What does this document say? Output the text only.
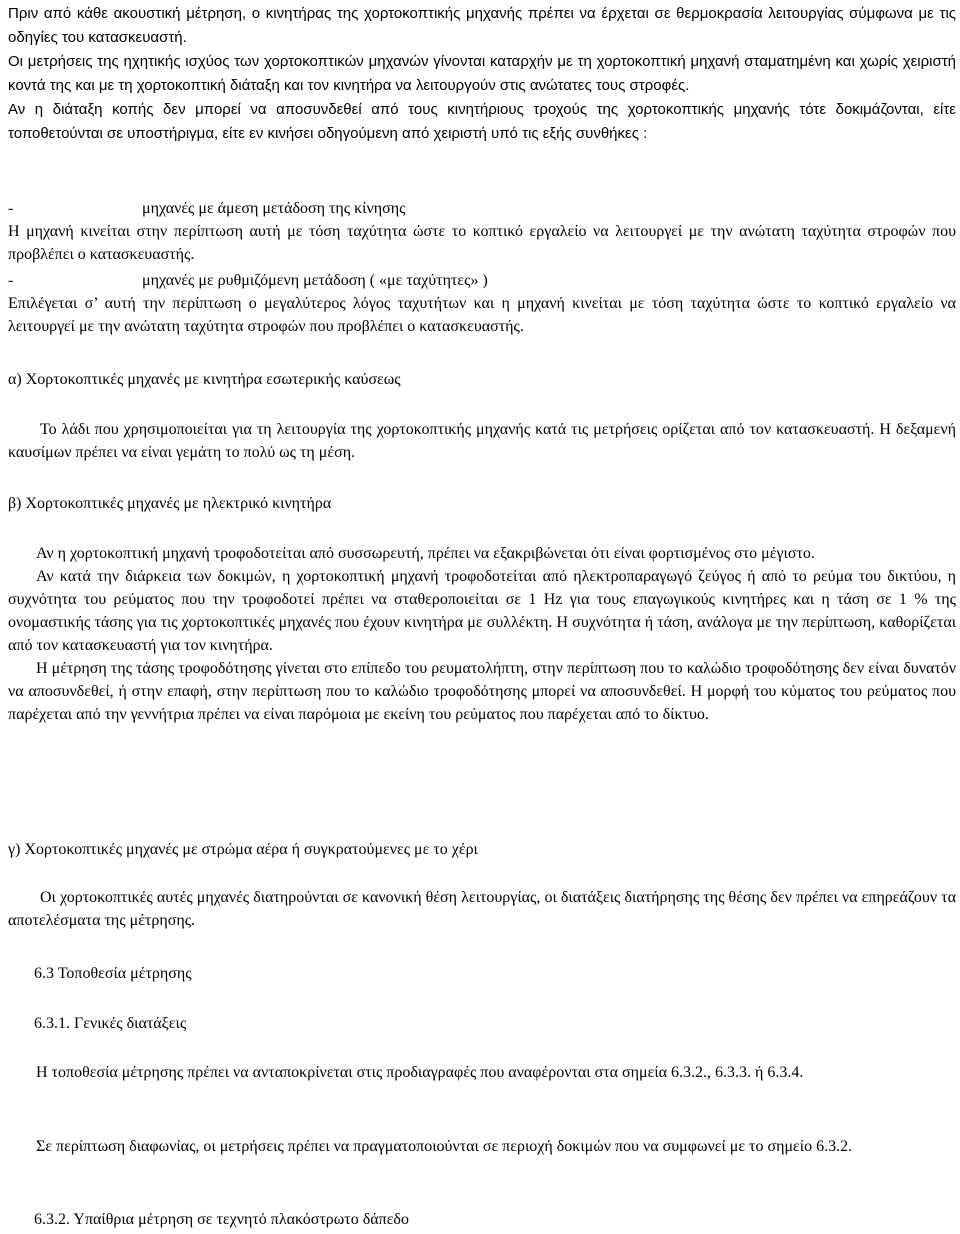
Πριν από κάθε ακουστική μέτρηση, ο κινητήρας της χορτοκοπτικής μηχανής πρέπει να έρχεται σε θερμοκρασία λειτουργίας σύμφωνα με τις οδηγίες του κατασκευαστή.

Οι μετρήσεις της ηχητικής ισχύος των χορτοκοπτικών μηχανών γίνονται καταρχήν με τη χορτοκοπτική μηχανή σταματημένη και χωρίς χειριστή κοντά της και με τη χορτοκοπτική διάταξη και τον κινητήρα να λειτουργούν στις ανώτατες τους στροφές.

Αν η διάταξη κοπής δεν μπορεί να αποσυνδεθεί από τους κινητήριους τροχούς της χορτοκοπτικής μηχανής τότε δοκιμάζονται, είτε τοποθετούνται σε υποστήριγμα, είτε εν κινήσει οδηγούμενη από χειριστή υπό τις εξής συνθήκες :

-	μηχανές με άμεση μετάδοση της κίνησης

Η μηχανή κινείται στην περίπτωση αυτή με τόση ταχύτητα ώστε το κοπτικό εργαλείο να λειτουργεί με την ανώτατη ταχύτητα στροφών που προβλέπει ο κατασκευαστής.

-	μηχανές με ρυθμιζόμενη μετάδοση ( «με ταχύτητες» )

Επιλέγεται σ’ αυτή την περίπτωση ο μεγαλύτερος λόγος ταχυτήτων και η μηχανή κινείται με τόση ταχύτητα ώστε το κοπτικό εργαλείο να λειτουργεί με την ανώτατη ταχύτητα στροφών που προβλέπει ο κατασκευαστής.

α) Χορτοκοπτικές μηχανές με κινητήρα εσωτερικής καύσεως

Το λάδι που χρησιμοποιείται για τη λειτουργία της χορτοκοπτικής μηχανής κατά τις μετρήσεις ορίζεται από τον κατασκευαστή. Η δεξαμενή καυσίμων πρέπει να είναι γεμάτη το πολύ ως τη μέση.

β) Χορτοκοπτικές μηχανές με ηλεκτρικό κινητήρα

Αν η χορτοκοπτική μηχανή τροφοδοτείται από συσσωρευτή, πρέπει να εξακριβώνεται ότι είναι φορτισμένος στο μέγιστο.

Αν κατά την διάρκεια των δοκιμών, η χορτοκοπτική μηχανή τροφοδοτείται από ηλεκτροπαραγωγό ζεύγος ή από το ρεύμα του δικτύου, η συχνότητα του ρεύματος που την τροφοδοτεί πρέπει να σταθεροποιείται σε 1 Hz για τους επαγωγικούς κινητήρες και η τάση σε 1 % της ονομαστικής τάσης για τις χορτοκοπτικές μηχανές που έχουν κινητήρα με συλλέκτη. Η συχνότητα ή τάση, ανάλογα με την περίπτωση, καθορίζεται από τον κατασκευαστή για τον κινητήρα.

Η μέτρηση της τάσης τροφοδότησης γίνεται στο επίπεδο του ρευματολήπτη, στην περίπτωση που το καλώδιο τροφοδότησης δεν είναι δυνατόν να αποσυνδεθεί, ή στην επαφή, στην περίπτωση που το καλώδιο τροφοδότησης μπορεί να αποσυνδεθεί. Η μορφή του κύματος του ρεύματος που παρέχεται από την γεννήτρια πρέπει να είναι παρόμοια με εκείνη του ρεύματος που παρέχεται από το δίκτυο.

γ) Χορτοκοπτικές μηχανές με στρώμα αέρα ή συγκρατούμενες με το χέρι

Οι χορτοκοπτικές αυτές μηχανές διατηρούνται σε κανονική θέση λειτουργίας, οι διατάξεις διατήρησης της θέσης δεν πρέπει να επηρεάζουν τα αποτελέσματα της μέτρησης.

6.3 Τοποθεσία μέτρησης

6.3.1. Γενικές διατάξεις

Η τοποθεσία μέτρησης πρέπει να ανταποκρίνεται στις προδιαγραφές που αναφέρονται στα σημεία 6.3.2., 6.3.3. ή 6.3.4.

Σε περίπτωση διαφωνίας, οι μετρήσεις πρέπει να πραγματοποιούνται σε περιοχή δοκιμών που να συμφωνεί με το σημείο 6.3.2.

6.3.2. Υπαίθρια μέτρηση σε τεχνητό πλακόστρωτο δάπεδο
